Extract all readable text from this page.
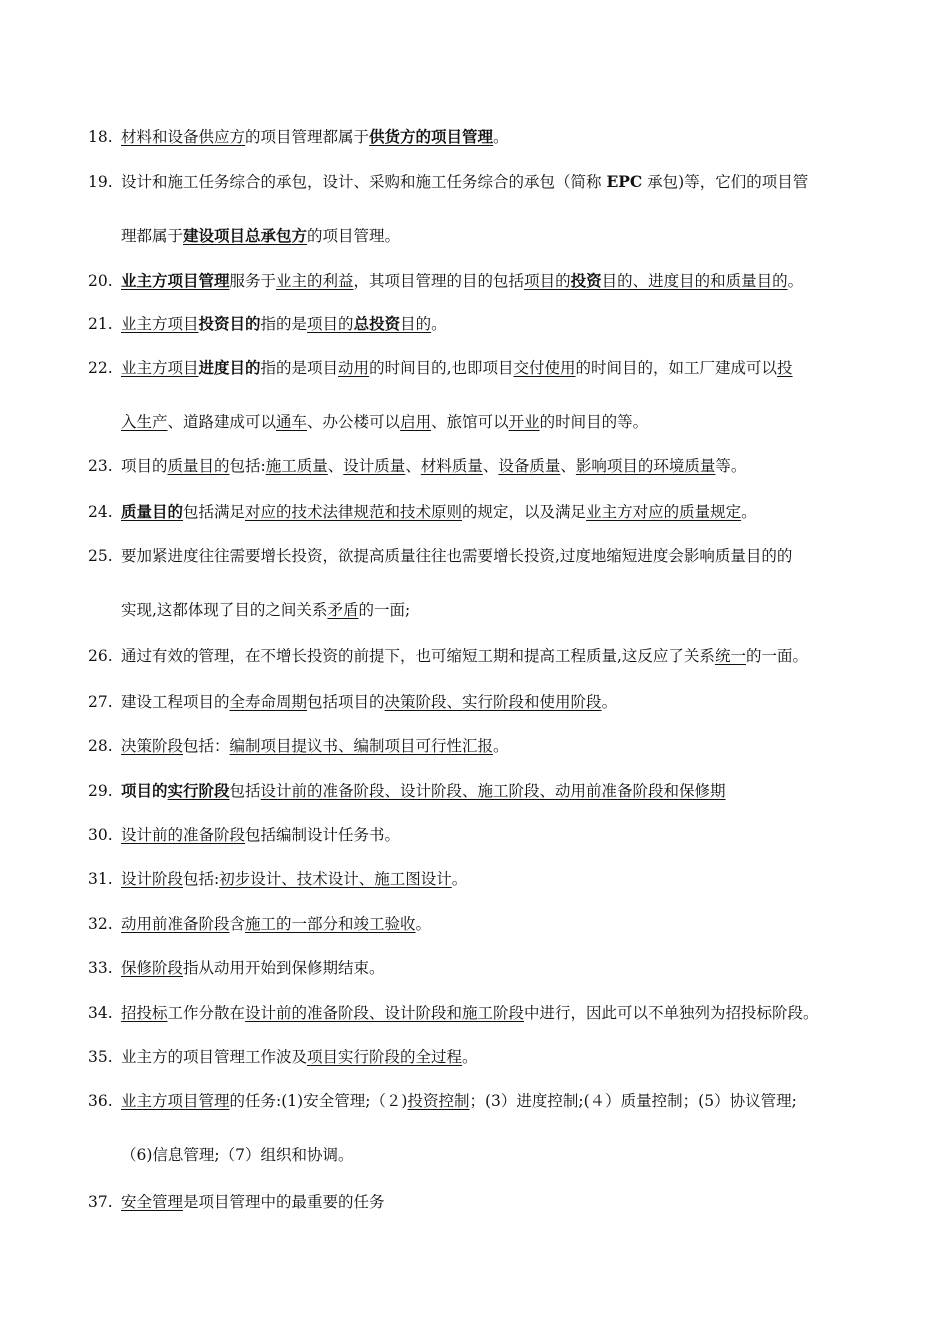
18. 材料和设备供应方的项目管理都属于供货方的项目管理。
19. 设计和施工任务综合的承包，设计、采购和施工任务综合的承包（简称 EPC 承包)等，它们的项目管
理都属于建设项目总承包方的项目管理。
20. 业主方项目管理服务于业主的利益，其项目管理的目的包括项目的投资目的、进度目的和质量目的。
21. 业主方项目投资目的指的是项目的总投资目的。
22. 业主方项目进度目的指的是项目动用的时间目的,也即项目交付使用的时间目的，如工厂建成可以投
入生产、道路建成可以通车、办公楼可以启用、旅馆可以开业的时间目的等。
23. 项目的质量目的包括:施工质量、设计质量、材料质量、设备质量、影响项目的环境质量等。
24. 质量目的包括满足对应的技术法律规范和技术原则的规定，以及满足业主方对应的质量规定。
25. 要加紧进度往往需要增长投资，欲提高质量往往也需要增长投资,过度地缩短进度会影响质量目的的
实现,这都体现了目的之间关系矛盾的一面;
26. 通过有效的管理，在不增长投资的前提下，也可缩短工期和提高工程质量,这反应了关系统一的一面。
27. 建设工程项目的全寿命周期包括项目的决策阶段、实行阶段和使用阶段。
28. 决策阶段包括：编制项目提议书、编制项目可行性汇报。
29. 项目的实行阶段包括设计前的准备阶段、设计阶段、施工阶段、动用前准备阶段和保修期
30. 设计前的准备阶段包括编制设计任务书。
31. 设计阶段包括:初步设计、技术设计、施工图设计。
32. 动用前准备阶段含施工的一部分和竣工验收。
33. 保修阶段指从动用开始到保修期结束。
34. 招投标工作分散在设计前的准备阶段、设计阶段和施工阶段中进行，因此可以不单独列为招投标阶段。
35. 业主方的项目管理工作波及项目实行阶段的全过程。
36. 业主方项目管理的任务:(1)安全管理;（２)投资控制；(3）进度控制;(４）质量控制；(5）协议管理;
（6)信息管理;（7）组织和协调。
37. 安全管理是项目管理中的最重要的任务
